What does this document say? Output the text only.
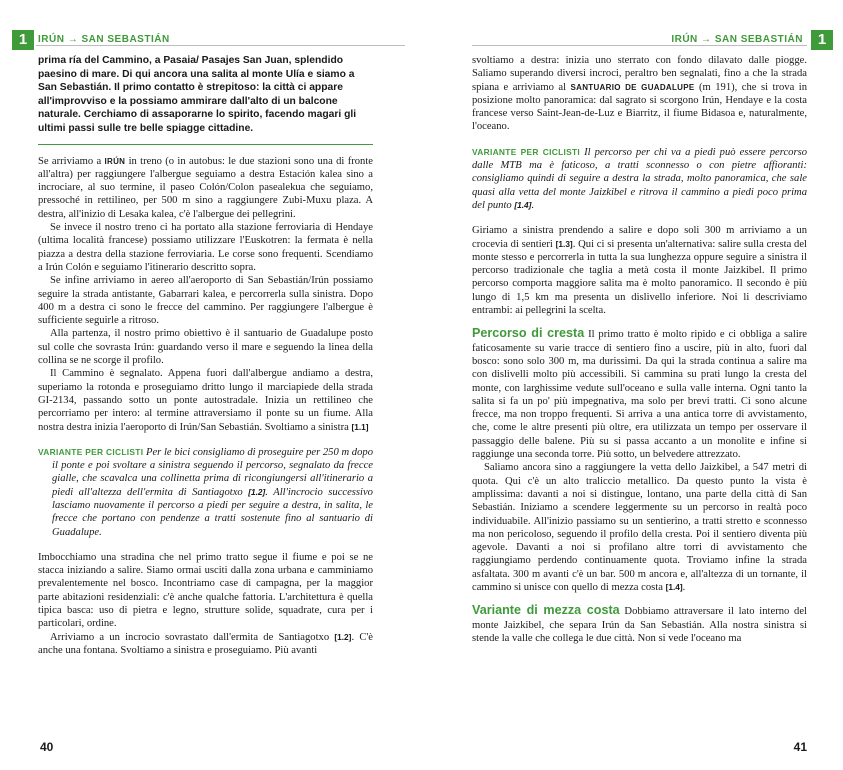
1	IRÚN → SAN SEBASTIÁN
prima ría del Cammino, a Pasaia/ Pasajes San Juan, splendido paesino di mare. Di qui ancora una salita al monte Ulía e siamo a San Sebastián. Il primo contatto è strepitoso: la città ci appare all'improvviso e la possiamo ammirare dall'alto di un balcone naturale. Cerchiamo di assaporarne lo spirito, facendo magari gli ultimi passi sulle tre belle spiagge cittadine.

Se arriviamo a IRÚN in treno (o in autobus: le due stazioni sono una di fronte all'altra) per raggiungere l'albergue seguiamo a destra Estación kalea sino a incrociare, al suo termine, il paseo Colón/Colon pasealekua che seguiamo, pressoché in rettilineo, per 500 m sino a raggiungere Zubi-Muxu plaza. A destra, all'inizio di Lesaka kalea, c'è l'albergue dei pellegrini.

Se invece il nostro treno ci ha portato alla stazione ferroviaria di Hendaye (ultima località francese) possiamo utilizzare l'Euskotren: la fermata è nella piazza a destra della stazione ferroviaria. Le corse sono frequenti. Scendiamo a Irún Colón e seguiamo l'itinerario descritto sopra.

Se infine arriviamo in aereo all'aeroporto di San Sebastián/Irún possiamo seguire la strada antistante, Gabarrari kalea, e percorrerla sulla sinistra. Dopo 400 m a destra ci sono le frecce del cammino. Per raggiungere l'albergue è sufficiente seguirle a ritroso.

Alla partenza, il nostro primo obiettivo è il santuario de Guadalupe posto sul colle che sovrasta Irún: guardando verso il mare e seguendo la linea della collina se ne scorge il profilo.

Il Cammino è segnalato. Appena fuori dall'albergue andiamo a destra, superiamo la rotonda e proseguiamo dritto lungo il marciapiede della strada GI-2134, passando sotto un ponte autostradale. Inizia un rettilineo che percorriamo per intero: al termine attraversiamo il ponte su un fiume. Alla nostra destra inizia l'aeroporto di Irún/San Sebastián. Svoltiamo a sinistra [1.1]

VARIANTE PER CICLISTI Per le bici consigliamo di proseguire per 250 m dopo il ponte e poi svoltare a sinistra seguendo il percorso, segnalato da frecce gialle, che scavalca una collinetta prima di ricongiungersi all'itinerario a piedi all'altezza dell'ermita di Santiagotxo [1.2]. All'incrocio successivo lasciamo nuovamente il percorso a piedi per seguire a destra, in salita, le frecce che portano con pendenze a tratti sostenute fino al santuario di Guadalupe.

Imbocchiamo una stradina che nel primo tratto segue il fiume e poi se ne stacca iniziando a salire. Siamo ormai usciti dalla zona urbana e camminiamo prevalentemente nel bosco. Incontriamo case di campagna, per la maggior parte abitazioni residenziali: c'è anche qualche fattoria. L'architettura è quella tipica basca: uso di pietra e legno, strutture solide, squadrate, cura per i particolari, ordine.

Arriviamo a un incrocio sovrastato dall'ermita de Santiagotxo [1.2]. C'è anche una fontana. Svoltiamo a sinistra e proseguiamo. Più avanti

40
IRÚN → SAN SEBASTIÁN 1

svoltiamo a destra: inizia uno sterrato con fondo dilavato dalle piogge. Saliamo superando diversi incroci, peraltro ben segnalati, fino a che la strada spiana e arriviamo al SANTUARIO DE GUADALUPE (m 191), che si trova in posizione molto panoramica: dal sagrato si scorgono Irún, Hendaye e la costa francese verso Saint-Jean-de-Luz e Biarritz, il fiume Bidasoa e, naturalmente, l'oceano.

VARIANTE PER CICLISTI Il percorso per chi va a piedi può essere percorso dalle MTB ma è faticoso, a tratti sconnesso o con pietre affioranti: consigliamo quindi di seguire a destra la strada, molto panoramica, che sale quasi alla vetta del monte Jaizkibel e ritrova il cammino a piedi poco prima del punto [1.4].

Giriamo a sinistra prendendo a salire e dopo soli 300 m arriviamo a un crocevia di sentieri [1.3]. Qui ci si presenta un'alternativa: salire sulla cresta del monte stesso e percorrerla in tutta la sua lunghezza oppure seguire a sinistra il percorso tradizionale che taglia a metà costa il monte Jaizkibel. Il primo percorso comporta maggiore salita ma è molto panoramico. Il secondo è più lungo di 1,5 km ma presenta un dislivello inferiore. Noi li descriviamo entrambi: ai pellegrini la scelta.

Percorso di cresta Il primo tratto è molto ripido e ci obbliga a salire faticosamente su varie tracce di sentiero fino a uscire, più in alto, fuori dal bosco: sono solo 300 m, ma durissimi. Da qui la strada continua a salire ma con dislivelli molto più accessibili. Si cammina su prati lungo la cresta del monte, con larghissime vedute sull'oceano e sulla valle interna. Ogni tanto la salita si fa un po' più impegnativa, ma solo per brevi tratti. Ci sono alcune frecce, ma non troppo frequenti. Si arriva a una antica torre di avvistamento, che, come le altre presenti più oltre, era utilizzata un tempo per osservare il passaggio delle balene. Più su si passa accanto a un monolite e infine si raggiunge una seconda torre. Più sotto, un belvedere attrezzato.

Saliamo ancora sino a raggiungere la vetta dello Jaizkibel, a 547 metri di quota. Qui c'è un alto traliccio metallico. Da questo punto la vista è amplissima: davanti a noi si distingue, lontano, una parte della città di San Sebastián. Iniziamo a scendere leggermente su un percorso in realtà poco individuabile. All'inizio passiamo su un sentierino, a tratti stretto e sconnesso ma non pericoloso, seguendo il profilo della cresta. Poi il sentiero diventa più agevole. Davanti a noi si profilano altre torri di avvistamento che raggiungiamo perdendo continuamente quota. Troviamo infine la strada asfaltata. 300 m avanti c'è un bar. 500 m ancora e, all'altezza di un tornante, il cammino si unisce con quello di mezza costa [1.4].

Variante di mezza costa Dobbiamo attraversare il lato interno del monte Jaizkibel, che separa Irún da San Sebastián. Alla nostra sinistra si stende la valle che collega le due città. Non si vede l'oceano ma

41
